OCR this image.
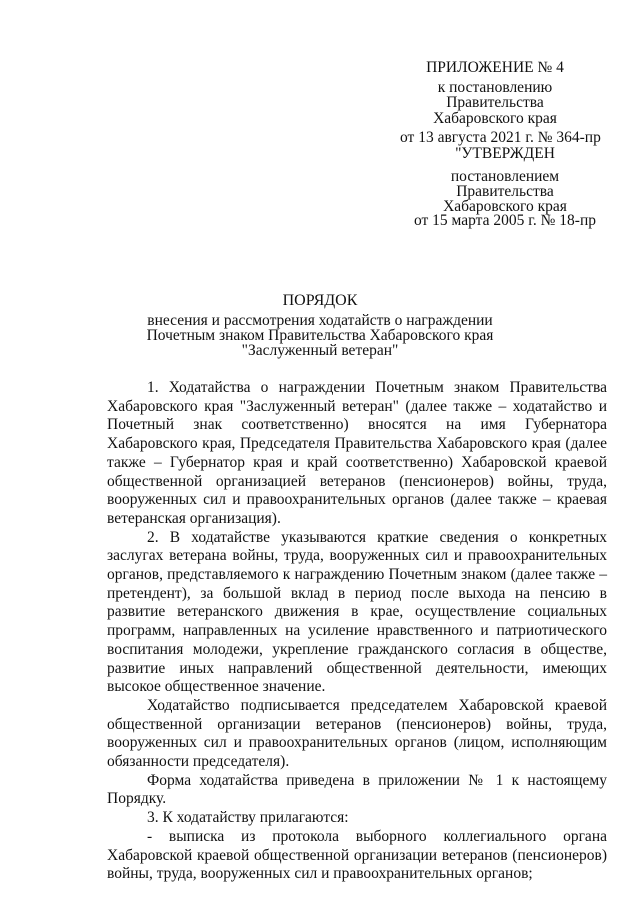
ПРИЛОЖЕНИЕ № 4
к постановлению
Правительства
Хабаровского края
от 13 августа 2021 г. № 364-пр
"УТВЕРЖДЕН
постановлением
Правительства
Хабаровского края
от 15 марта 2005 г. № 18-пр
ПОРЯДОК
внесения и рассмотрения ходатайств о награждении
Почетным знаком Правительства Хабаровского края
"Заслуженный ветеран"

1. Ходатайства о награждении Почетным знаком Правительства Хабаровского края "Заслуженный ветеран" (далее также – ходатайство и Почетный знак соответственно) вносятся на имя Губернатора Хабаровского края, Председателя Правительства Хабаровского края (далее также – Губернатор края и край соответственно) Хабаровской краевой общественной организацией ветеранов (пенсионеров) войны, труда, вооруженных сил и правоохранительных органов (далее также – краевая ветеранская организация).

2. В ходатайстве указываются краткие сведения о конкретных заслугах ветерана войны, труда, вооруженных сил и правоохранительных органов, представляемого к награждению Почетным знаком (далее также – претендент), за большой вклад в период после выхода на пенсию в развитие ветеранского движения в крае, осуществление социальных программ, направленных на усиление нравственного и патриотического воспитания молодежи, укрепление гражданского согласия в обществе, развитие иных направлений общественной деятельности, имеющих высокое общественное значение.

Ходатайство подписывается председателем Хабаровской краевой общественной организации ветеранов (пенсионеров) войны, труда, вооруженных сил и правоохранительных органов (лицом, исполняющим обязанности председателя).

Форма ходатайства приведена в приложении № 1 к настоящему Порядку.

3. К ходатайству прилагаются:

- выписка из протокола выборного коллегиального органа Хабаровской краевой общественной организации ветеранов (пенсионеров) войны, труда, вооруженных сил и правоохранительных органов;
